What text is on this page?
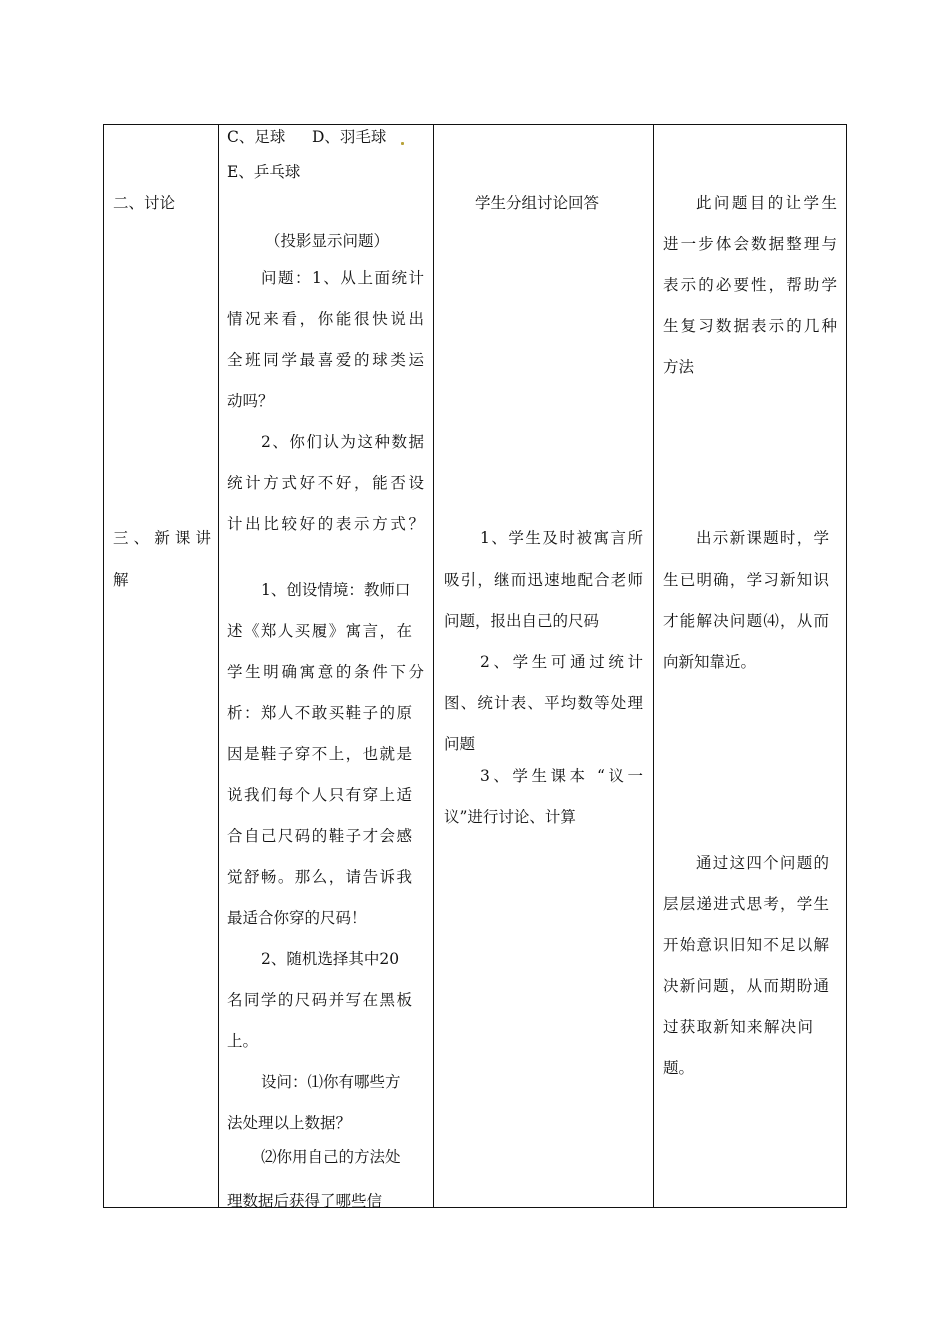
二、讨论
三、新课讲
解
C、足球 D、羽毛球
E、乒乓球
（投影显示问题）
问题：1、从上面统计
情况来看，你能很快说出
全班同学最喜爱的球类运
动吗？
2、你们认为这种数据
统计方式好不好，能否设
计出比较好的表示方式？
1、创设情境：教师口
述《郑人买履》寓言，在
学生明确寓意的条件下分
析：郑人不敢买鞋子的原
因是鞋子穿不上，也就是
说我们每个人只有穿上适
合自己尺码的鞋子才会感
觉舒畅。那么，请告诉我
最适合你穿的尺码！
2、随机选择其中20
名同学的尺码并写在黑板
上。
设问：⑴你有哪些方
法处理以上数据？
⑵你用自己的方法处
理数据后获得了哪些信
学生分组讨论回答
1、学生及时被寓言所
吸引，继而迅速地配合老师
问题，报出自己的尺码
2、学生可通过统计
图、统计表、平均数等处理
问题
3、学生课本 “议一
议”进行讨论、计算
此问题目的让学生
进一步体会数据整理与
表示的必要性，帮助学
生复习数据表示的几种
方法
出示新课题时，学
生已明确，学习新知识
才能解决问题⑷，从而
向新知靠近。
通过这四个问题的
层层递进式思考，学生
开始意识旧知不足以解
决新问题，从而期盼通
过获取新知来解决问
题。
